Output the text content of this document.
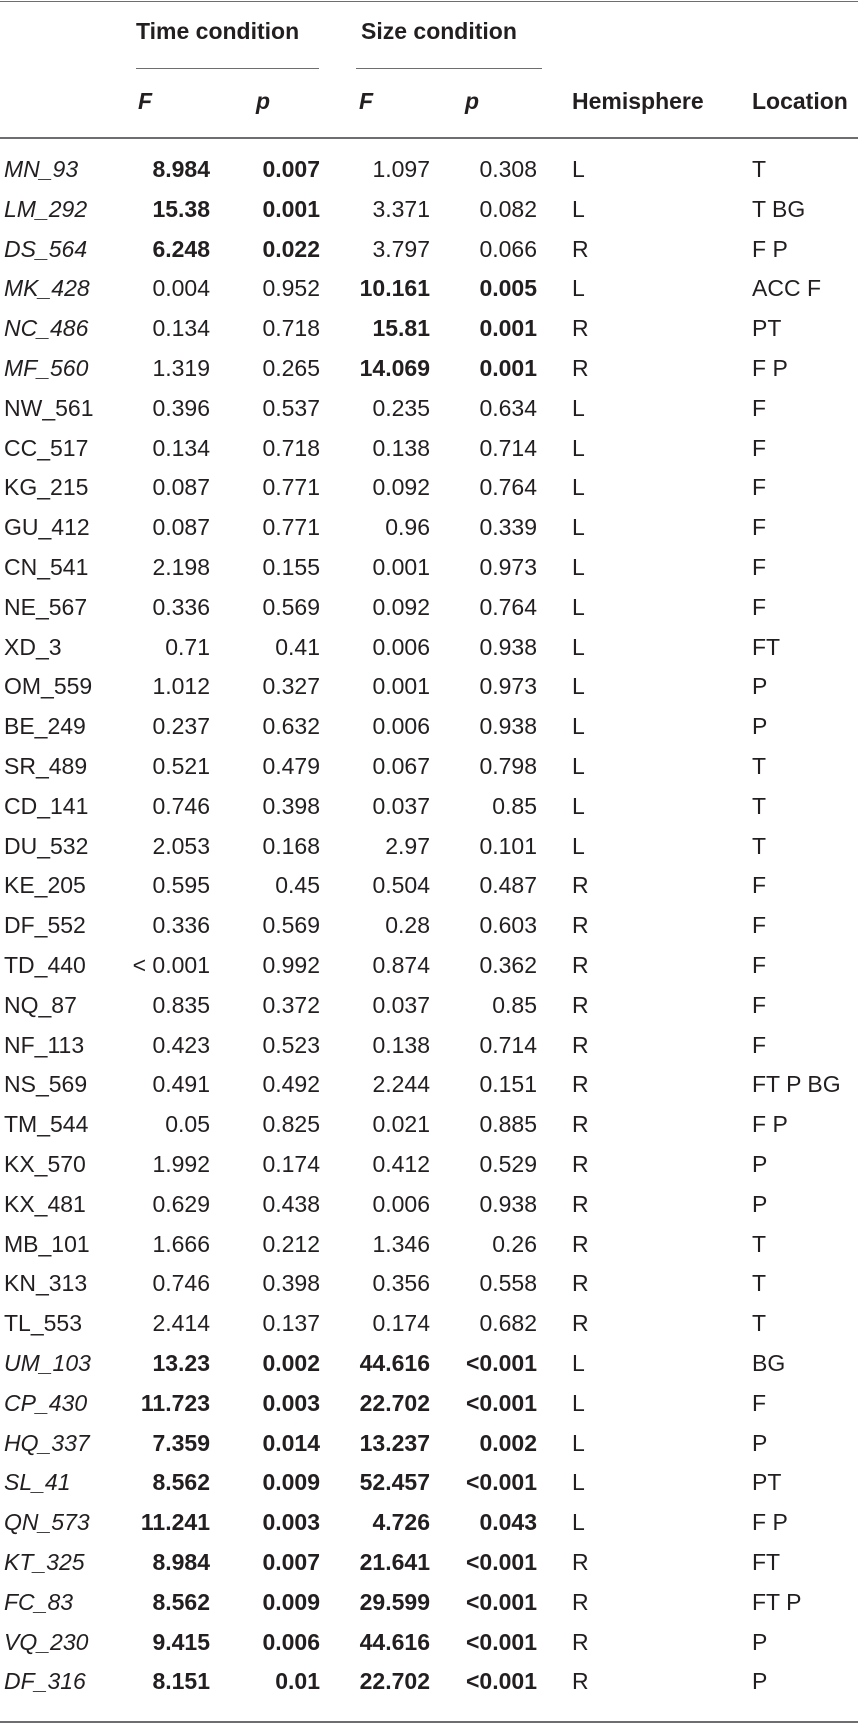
Time condition	Size condition
F	p	F	p	Hemisphere Location
MN_93	8.984	0.007	1.097	0.308 L	T
LM_292	15.38	0.001	3.371	0.082 L	T BG
DS_564	6.248	0.022	3.797	0.066 R	F P
MK_428	0.004	0.952	10.161	0.005 L	ACC F
NC_486	0.134	0.718	15.81	0.001 R	PT
MF_560	1.319	0.265	14.069	0.001 R	F P
NW_561	0.396	0.537	0.235	0.634 L	F
CC_517	0.134	0.718	0.138	0.714 L	F
KG_215	0.087	0.771	0.092	0.764 L	F
GU_412	0.087	0.771	0.96	0.339 L	F
CN_541	2.198	0.155	0.001	0.973 L	F
NE_567	0.336	0.569	0.092	0.764 L	F
XD_3	0.71	0.41	0.006	0.938 L	FT
OM_559	1.012	0.327	0.001	0.973 L	P
BE_249	0.237	0.632	0.006	0.938 L	P
SR_489	0.521	0.479	0.067	0.798 L	T
CD_141	0.746	0.398	0.037	0.85 L	T
DU_532	2.053	0.168	2.97	0.101 L	T
KE_205	0.595	0.45	0.504	0.487 R	F
DF_552	0.336	0.569	0.28	0.603 R	F
TD_440	< 0.001	0.992	0.874	0.362 R	F
NQ_87	0.835	0.372	0.037	0.85 R	F
NF_113	0.423	0.523	0.138	0.714 R	F
NS_569	0.491	0.492	2.244	0.151 R	FT P BG
TM_544	0.05	0.825	0.021	0.885 R	F P
KX_570	1.992	0.174	0.412	0.529 R	P
KX_481	0.629	0.438	0.006	0.938 R	P
MB_101	1.666	0.212	1.346	0.26 R	T
KN_313	0.746	0.398	0.356	0.558 R	T
TL_553	2.414	0.137	0.174	0.682 R	T
UM_103	13.23	0.002	44.616	<0.001 L	BG
CP_430	11.723	0.003	22.702	<0.001 L	F
HQ_337	7.359	0.014	13.237	0.002 L	P
SL_41	8.562	0.009	52.457	<0.001 L	PT
QN_573	11.241	0.003	4.726	0.043 L	F P
KT_325	8.984	0.007	21.641	<0.001 R	FT
FC_83	8.562	0.009	29.599	<0.001 R	FT P
VQ_230	9.415	0.006	44.616	<0.001 R	P
DF_316	8.151	0.01	22.702	<0.001 R	P
